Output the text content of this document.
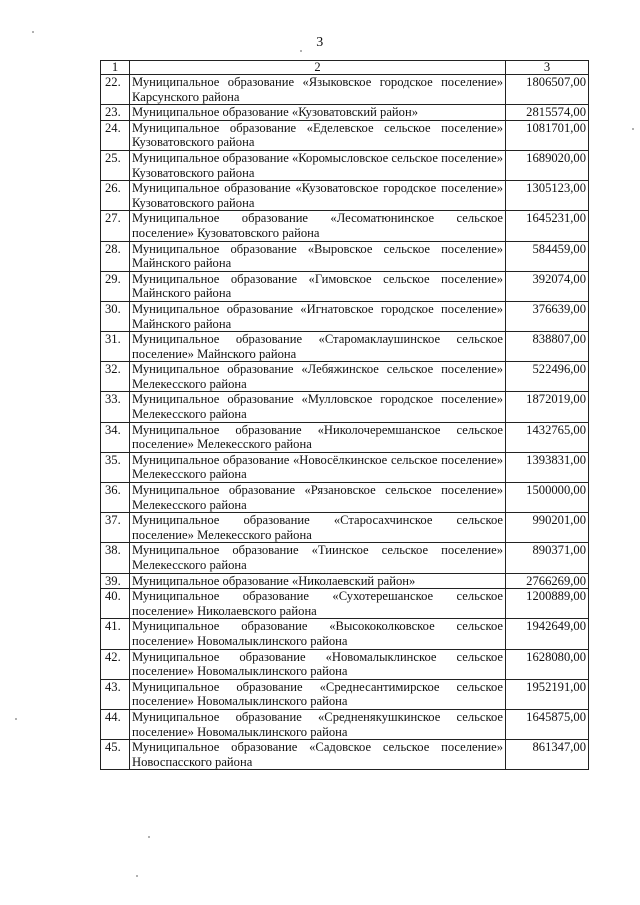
3
1	2	3
22.	Муниципальное образование «Языковское городское поселение» Карсунского района	1806507,00
23.	Муниципальное образование «Кузоватовский район»	2815574,00
24.	Муниципальное образование «Еделевское сельское поселение» Кузоватовского района	1081701,00
25.	Муниципальное образование «Коромысловское сельское поселение» Кузоватовского района	1689020,00
26.	Муниципальное образование «Кузоватовское городское поселение» Кузоватовского района	1305123,00
27.	Муниципальное образование «Лесоматюнинское сельское поселение» Кузоватовского района	1645231,00
28.	Муниципальное образование «Выровское сельское поселение» Майнского района	584459,00
29.	Муниципальное образование «Гимовское сельское поселение» Майнского района	392074,00
30.	Муниципальное образование «Игнатовское городское поселение» Майнского района	376639,00
31.	Муниципальное образование «Старомаклаушинское сельское поселение» Майнского района	838807,00
32.	Муниципальное образование «Лебяжинское сельское поселение» Мелекесского района	522496,00
33.	Муниципальное образование «Мулловское городское поселение» Мелекесского района	1872019,00
34.	Муниципальное образование «Николочеремшанское сельское поселение» Мелекесского района	1432765,00
35.	Муниципальное образование «Новосёлкинское сельское поселение» Мелекесского района	1393831,00
36.	Муниципальное образование «Рязановское сельское поселение» Мелекесского района	1500000,00
37.	Муниципальное образование «Старосахчинское сельское поселение» Мелекесского района	990201,00
38.	Муниципальное образование «Тиинское сельское поселение» Мелекесского района	890371,00
39.	Муниципальное образование «Николаевский район»	2766269,00
40.	Муниципальное образование «Сухотерешанское сельское поселение» Николаевского района	1200889,00
41.	Муниципальное образование «Высококолковское сельское поселение» Новомалыклинского района	1942649,00
42.	Муниципальное образование «Новомалыклинское сельское поселение» Новомалыклинского района	1628080,00
43.	Муниципальное образование «Среднесантимирское сельское поселение» Новомалыклинского района	1952191,00
44.	Муниципальное образование «Средненякушкинское сельское поселение» Новомалыклинского района	1645875,00
45.	Муниципальное образование «Садовское сельское поселение» Новоспасского района	861347,00
